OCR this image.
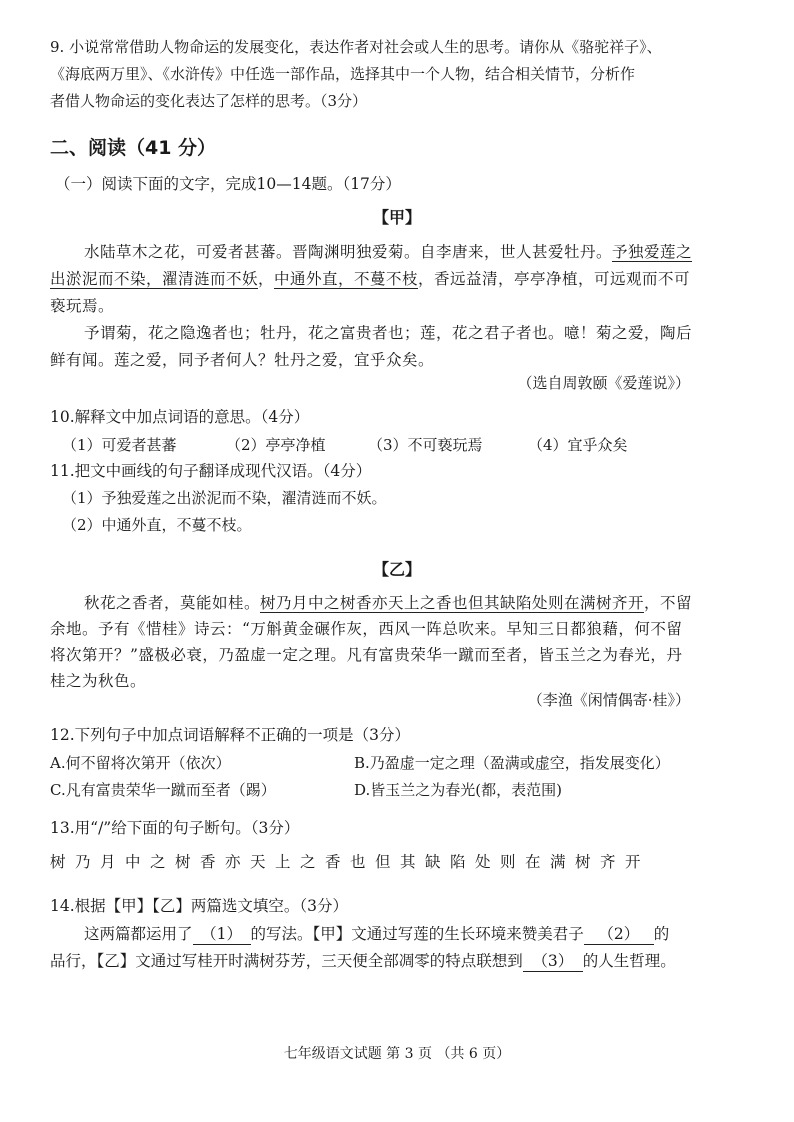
9. 小说常常借助人物命运的发展变化，表达作者对社会或人生的思考。请你从《骆驼祥子》、
《海底两万里》、《水浒传》中任选一部作品，选择其中一个人物，结合相关情节，分析作
者借人物命运的变化表达了怎样的思考。（3分）
二、阅读（41 分）
（一）阅读下面的文字，完成10—14题。（17分）
【甲】
水陆草木之花，可爱者甚蕃。晋陶渊明独爱菊。自李唐来，世人甚爱牡丹。予独爱莲之
出淤泥而不染，濯清涟而不妖，中通外直，不蔓不枝，香远益清，亭亭净植，可远观而不可
亵玩焉。
予谓菊，花之隐逸者也；牡丹，花之富贵者也；莲，花之君子者也。噫！菊之爱，陶后
鲜有闻。莲之爱，同予者何人？牡丹之爱，宜乎众矣。
（选自周敦颐《爱莲说》）
10.解释文中加点词语的意思。（4分）
（1）可爱者甚蕃	（2）亭亭净植	（3）不可亵玩焉	（4）宜乎众矣
11.把文中画线的句子翻译成现代汉语。（4分）
（1）予独爱莲之出淤泥而不染，濯清涟而不妖。
（2）中通外直，不蔓不枝。
【乙】
秋花之香者，莫能如桂。树乃月中之树香亦天上之香也但其缺陷处则在满树齐开，不留
余地。予有《惜桂》诗云：“万斛黄金碾作灰，西风一阵总吹来。早知三日都狼藉，何不留
将次第开？”盛极必衰，乃盈虚一定之理。凡有富贵荣华一蹴而至者，皆玉兰之为春光，丹
桂之为秋色。
（李渔《闲情偶寄·桂》）
12.下列句子中加点词语解释不正确的一项是（3分）
A.何不留将次第开（依次）	B.乃盈虚一定之理（盈满或虚空，指发展变化）
C.凡有富贵荣华一蹴而至者（踢）	D.皆玉兰之为春光(都，表范围)
13.用“/”给下面的句子断句。（3分）
树乃月中之树香亦天上之香也但其缺陷处则在满树齐开
14.根据【甲】【乙】两篇选文填空。（3分）
这两篇都运用了 （1） 的写法。【甲】文通过写莲的生长环境来赞美君子 （2） 的
品行，【乙】文通过写桂开时满树芬芳，三天便全部凋零的特点联想到 （3） 的人生哲理。
七年级语文试题 第 3 页 （共 6 页）
